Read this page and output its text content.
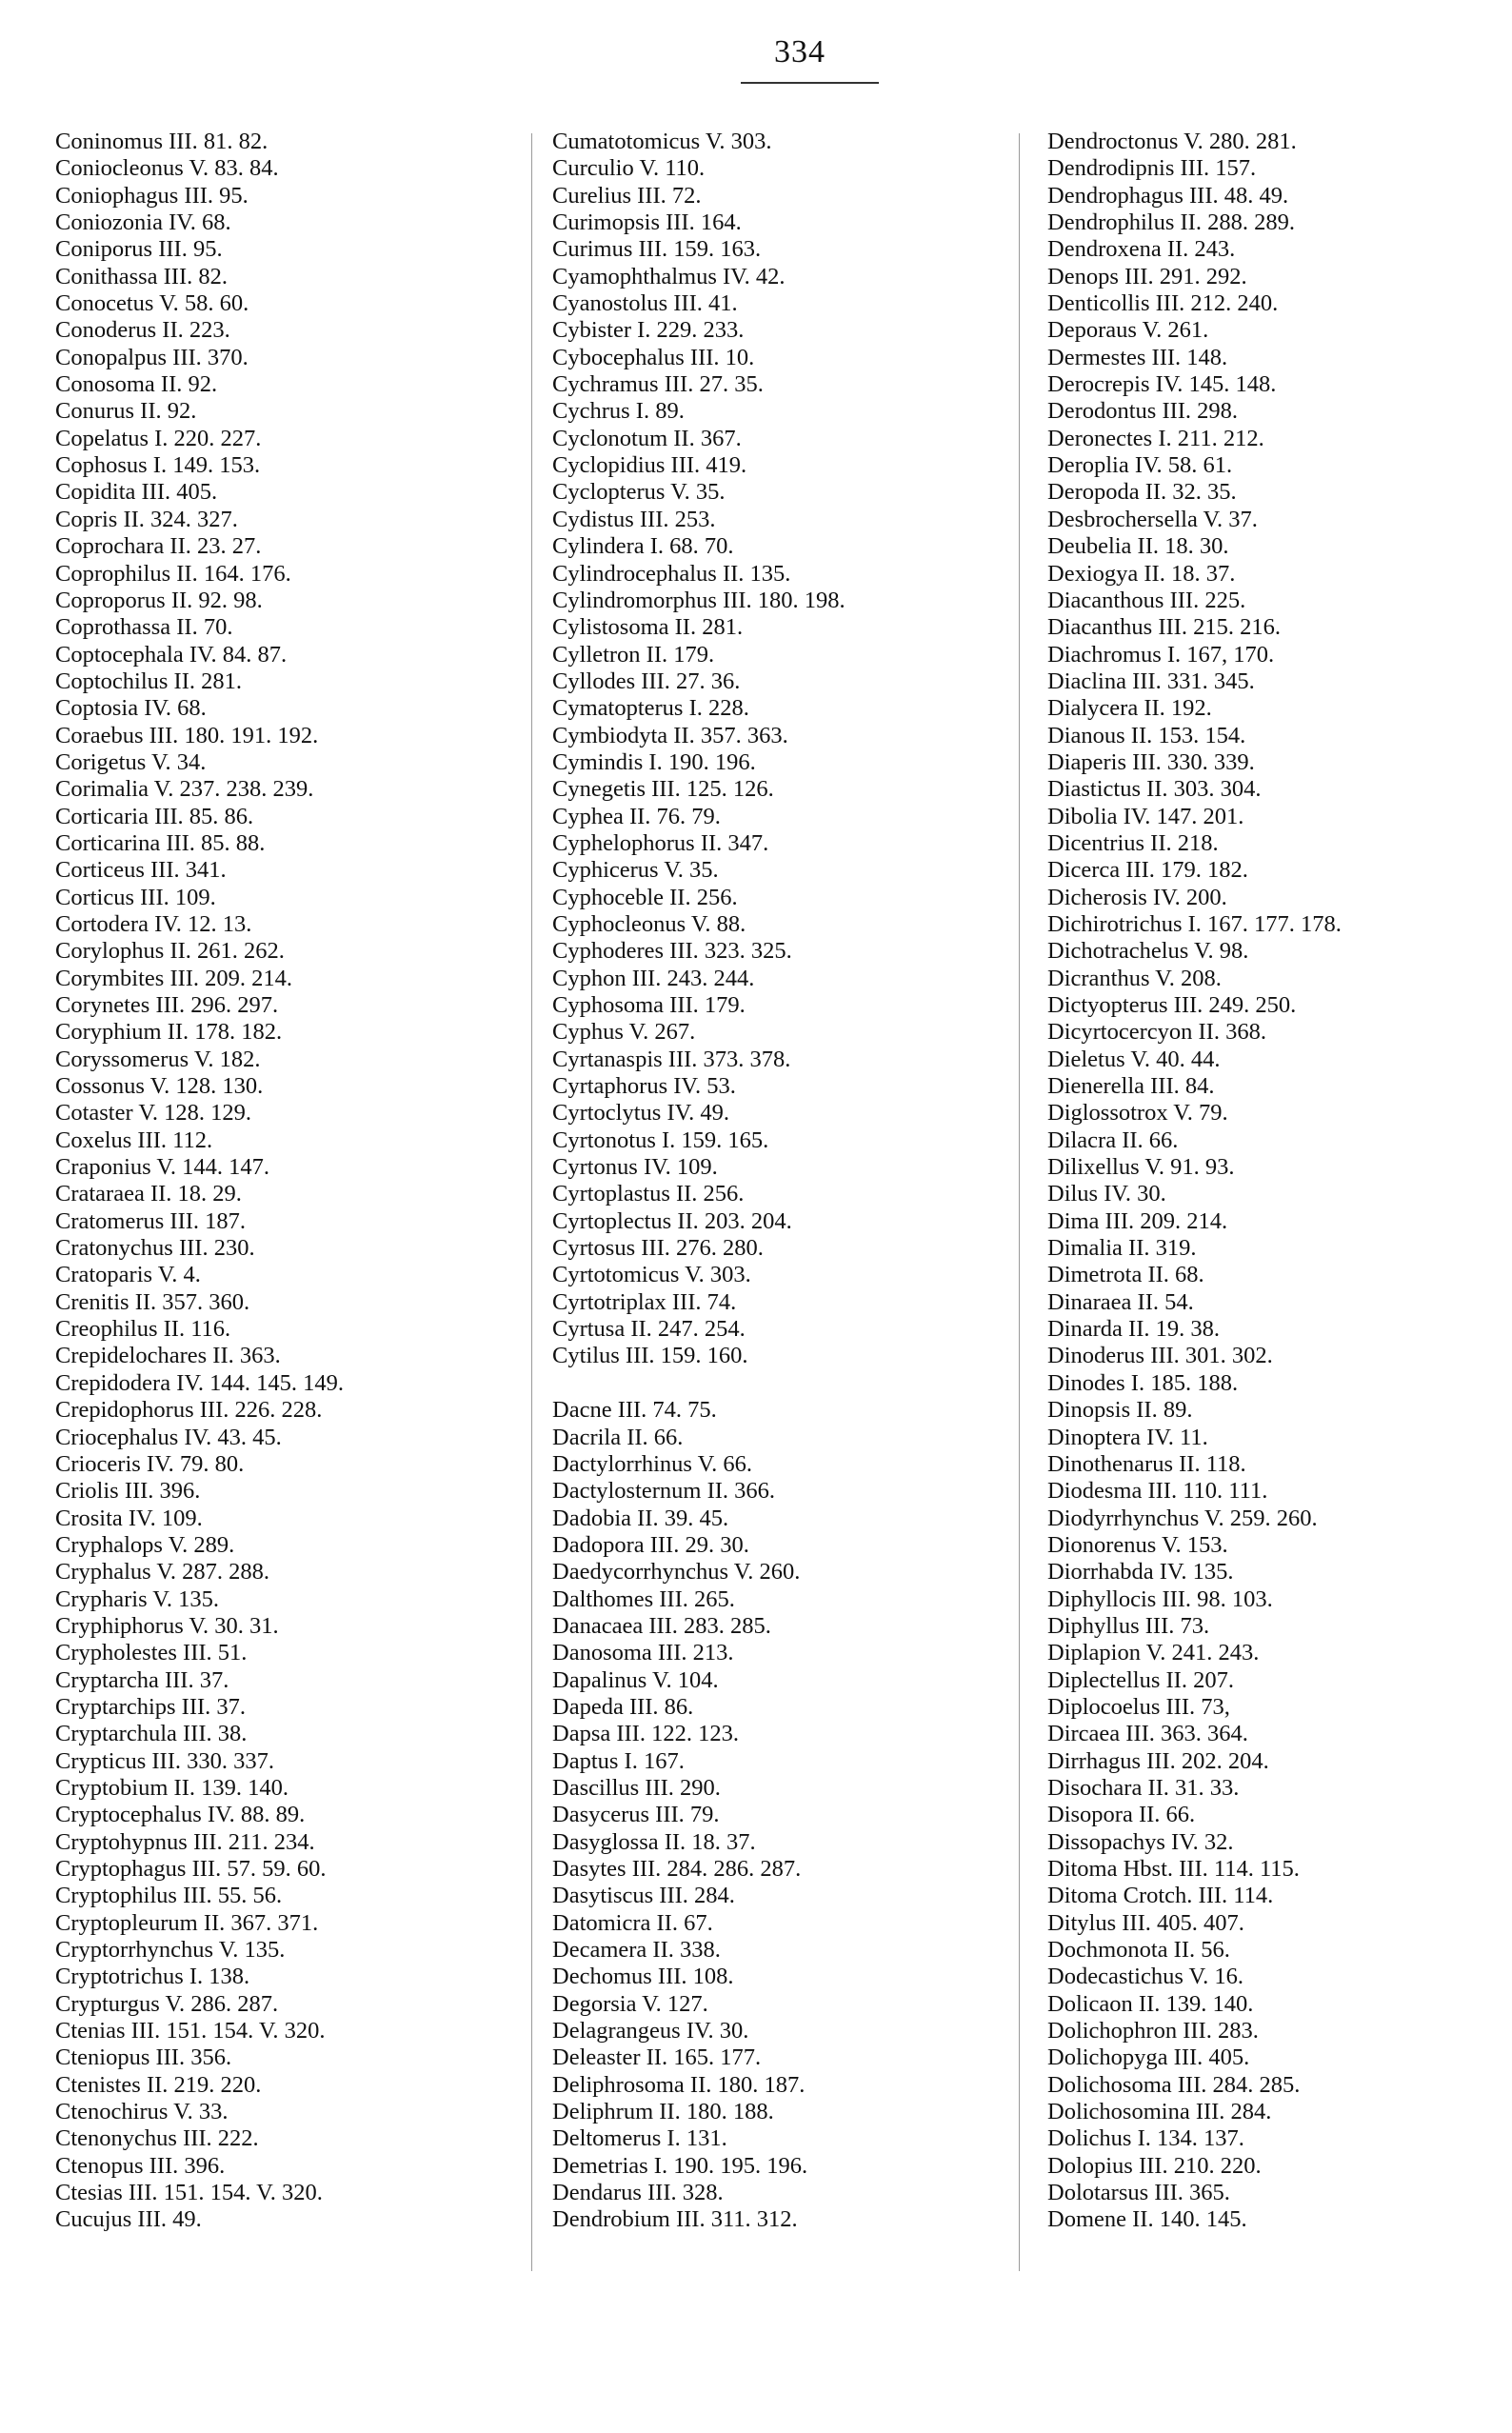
334
Coninomus III. 81. 82.
Coniocleonus V. 83. 84.
Coniophagus III. 95.
Coniozonia IV. 68.
Coniporus III. 95.
Conithassa III. 82.
Conocetus V. 58. 60.
Conoderus II. 223.
Conopalpus III. 370.
Conosoma II. 92.
Conurus II. 92.
Copelatus I. 220. 227.
Cophosus I. 149. 153.
Copidita III. 405.
Copris II. 324. 327.
Coprochara II. 23. 27.
Coprophilus II. 164. 176.
Coproporus II. 92. 98.
Coprothassa II. 70.
Coptocephala IV. 84. 87.
Coptochilus II. 281.
Coptosia IV. 68.
Coraebus III. 180. 191. 192.
Corigetus V. 34.
Corimalia V. 237. 238. 239.
Corticaria III. 85. 86.
Corticarina III. 85. 88.
Corticeus III. 341.
Corticus III. 109.
Cortodera IV. 12. 13.
Corylophus II. 261. 262.
Corymbites III. 209. 214.
Corynetes III. 296. 297.
Coryphium II. 178. 182.
Coryssomerus V. 182.
Cossonus V. 128. 130.
Cotaster V. 128. 129.
Coxelus III. 112.
Craponius V. 144. 147.
Crataraea II. 18. 29.
Cratomerus III. 187.
Cratonychus III. 230.
Cratoparis V. 4.
Crenitis II. 357. 360.
Creophilus II. 116.
Crepidelochares II. 363.
Crepidodera IV. 144. 145. 149.
Crepidophorus III. 226. 228.
Criocephalus IV. 43. 45.
Crioceris IV. 79. 80.
Criolis III. 396.
Crosita IV. 109.
Cryphalops V. 289.
Cryphalus V. 287. 288.
Crypharis V. 135.
Cryphiphorus V. 30. 31.
Crypholestes III. 51.
Cryptarcha III. 37.
Cryptarchips III. 37.
Cryptarchula III. 38.
Crypticus III. 330. 337.
Cryptobium II. 139. 140.
Cryptocephalus IV. 88. 89.
Cryptohypnus III. 211. 234.
Cryptophagus III. 57. 59. 60.
Cryptophilus III. 55. 56.
Cryptopleurum II. 367. 371.
Cryptorrhynchus V. 135.
Cryptotrichus I. 138.
Crypturgus V. 286. 287.
Ctenias III. 151. 154. V. 320.
Cteniopus III. 356.
Ctenistes II. 219. 220.
Ctenochirus V. 33.
Ctenonychus III. 222.
Ctenopus III. 396.
Ctesias III. 151. 154. V. 320.
Cucujus III. 49.
Cumatotomicus V. 303.
Curculio V. 110.
Curelius III. 72.
Curimopsis III. 164.
Curimus III. 159. 163.
Cyamophthalmus IV. 42.
Cyanostolus III. 41.
Cybister I. 229. 233.
Cybocephalus III. 10.
Cychramus III. 27. 35.
Cychrus I. 89.
Cyclonotum II. 367.
Cyclopidius III. 419.
Cyclopterus V. 35.
Cydistus III. 253.
Cylindera I. 68. 70.
Cylindrocephalus II. 135.
Cylindromorphus III. 180. 198.
Cylistosoma II. 281.
Cylletron II. 179.
Cyllodes III. 27. 36.
Cymatopterus I. 228.
Cymbiodyta II. 357. 363.
Cymindis I. 190. 196.
Cynegetis III. 125. 126.
Cyphea II. 76. 79.
Cyphelophorus II. 347.
Cyphicerus V. 35.
Cyphoceble II. 256.
Cyphocleonus V. 88.
Cyphoderes III. 323. 325.
Cyphon III. 243. 244.
Cyphosoma III. 179.
Cyphus V. 267.
Cyrtanaspis III. 373. 378.
Cyrtaphorus IV. 53.
Cyrtoclytus IV. 49.
Cyrtonotus I. 159. 165.
Cyrtonus IV. 109.
Cyrtoplastus II. 256.
Cyrtoplectus II. 203. 204.
Cyrtosus III. 276. 280.
Cyrtotomicus V. 303.
Cyrtotriplax III. 74.
Cyrtusa II. 247. 254.
Cytilus III. 159. 160.
Dacne III. 74. 75.
Dacrila II. 66.
Dactylorrhinus V. 66.
Dactylosternum II. 366.
Dadobia II. 39. 45.
Dadopora III. 29. 30.
Daedycorrhynchus V. 260.
Dalthomes III. 265.
Danacaea III. 283. 285.
Danosoma III. 213.
Dapalinus V. 104.
Dapeda III. 86.
Dapsa III. 122. 123.
Daptus I. 167.
Dascillus III. 290.
Dasycerus III. 79.
Dasyglossa II. 18. 37.
Dasytes III. 284. 286. 287.
Dasytiscus III. 284.
Datomicra II. 67.
Decamera II. 338.
Dechomus III. 108.
Degorsia V. 127.
Delagrangeus IV. 30.
Deleaster II. 165. 177.
Deliphrosoma II. 180. 187.
Deliphrum II. 180. 188.
Deltomerus I. 131.
Demetrias I. 190. 195. 196.
Dendarus III. 328.
Dendrobium III. 311. 312.
Dendroctonus V. 280. 281.
Dendrodipnis III. 157.
Dendrophagus III. 48. 49.
Dendrophilus II. 288. 289.
Dendroxena II. 243.
Denops III. 291. 292.
Denticollis III. 212. 240.
Deporaus V. 261.
Dermestes III. 148.
Derocrepis IV. 145. 148.
Derodontus III. 298.
Deronectes I. 211. 212.
Deroplia IV. 58. 61.
Deropoda II. 32. 35.
Desbrochersella V. 37.
Deubelia II. 18. 30.
Dexiogya II. 18. 37.
Diacanthous III. 225.
Diacanthus III. 215. 216.
Diachromus I. 167, 170.
Diaclina III. 331. 345.
Dialycera II. 192.
Dianous II. 153. 154.
Diaperis III. 330. 339.
Diastictus II. 303. 304.
Dibolia IV. 147. 201.
Dicentrius II. 218.
Dicerca III. 179. 182.
Dicherosis IV. 200.
Dichirotrichus I. 167. 177. 178.
Dichotrachelus V. 98.
Dicranthus V. 208.
Dictyopterus III. 249. 250.
Dicyrtocercyon II. 368.
Dieletus V. 40. 44.
Dienerella III. 84.
Diglossotrox V. 79.
Dilacra II. 66.
Dilixellus V. 91. 93.
Dilus IV. 30.
Dima III. 209. 214.
Dimalia II. 319.
Dimetrota II. 68.
Dinaraea II. 54.
Dinarda II. 19. 38.
Dinoderus III. 301. 302.
Dinodes I. 185. 188.
Dinopsis II. 89.
Dinoptera IV. 11.
Dinothenarus II. 118.
Diodesma III. 110. 111.
Diodyrrhynchus V. 259. 260.
Dionorenus V. 153.
Diorrhabda IV. 135.
Diphyllocis III. 98. 103.
Diphyllus III. 73.
Diplapion V. 241. 243.
Diplectellus II. 207.
Diplocoelus III. 73,
Dircaea III. 363. 364.
Dirrhagus III. 202. 204.
Disochara II. 31. 33.
Disopora II. 66.
Dissopachys IV. 32.
Ditoma Hbst. III. 114. 115.
Ditoma Crotch. III. 114.
Ditylus III. 405. 407.
Dochmonota II. 56.
Dodecastichus V. 16.
Dolicaon II. 139. 140.
Dolichophron III. 283.
Dolichopyga III. 405.
Dolichosoma III. 284. 285.
Dolichosomina III. 284.
Dolichus I. 134. 137.
Dolopius III. 210. 220.
Dolotarsus III. 365.
Domene II. 140. 145.
